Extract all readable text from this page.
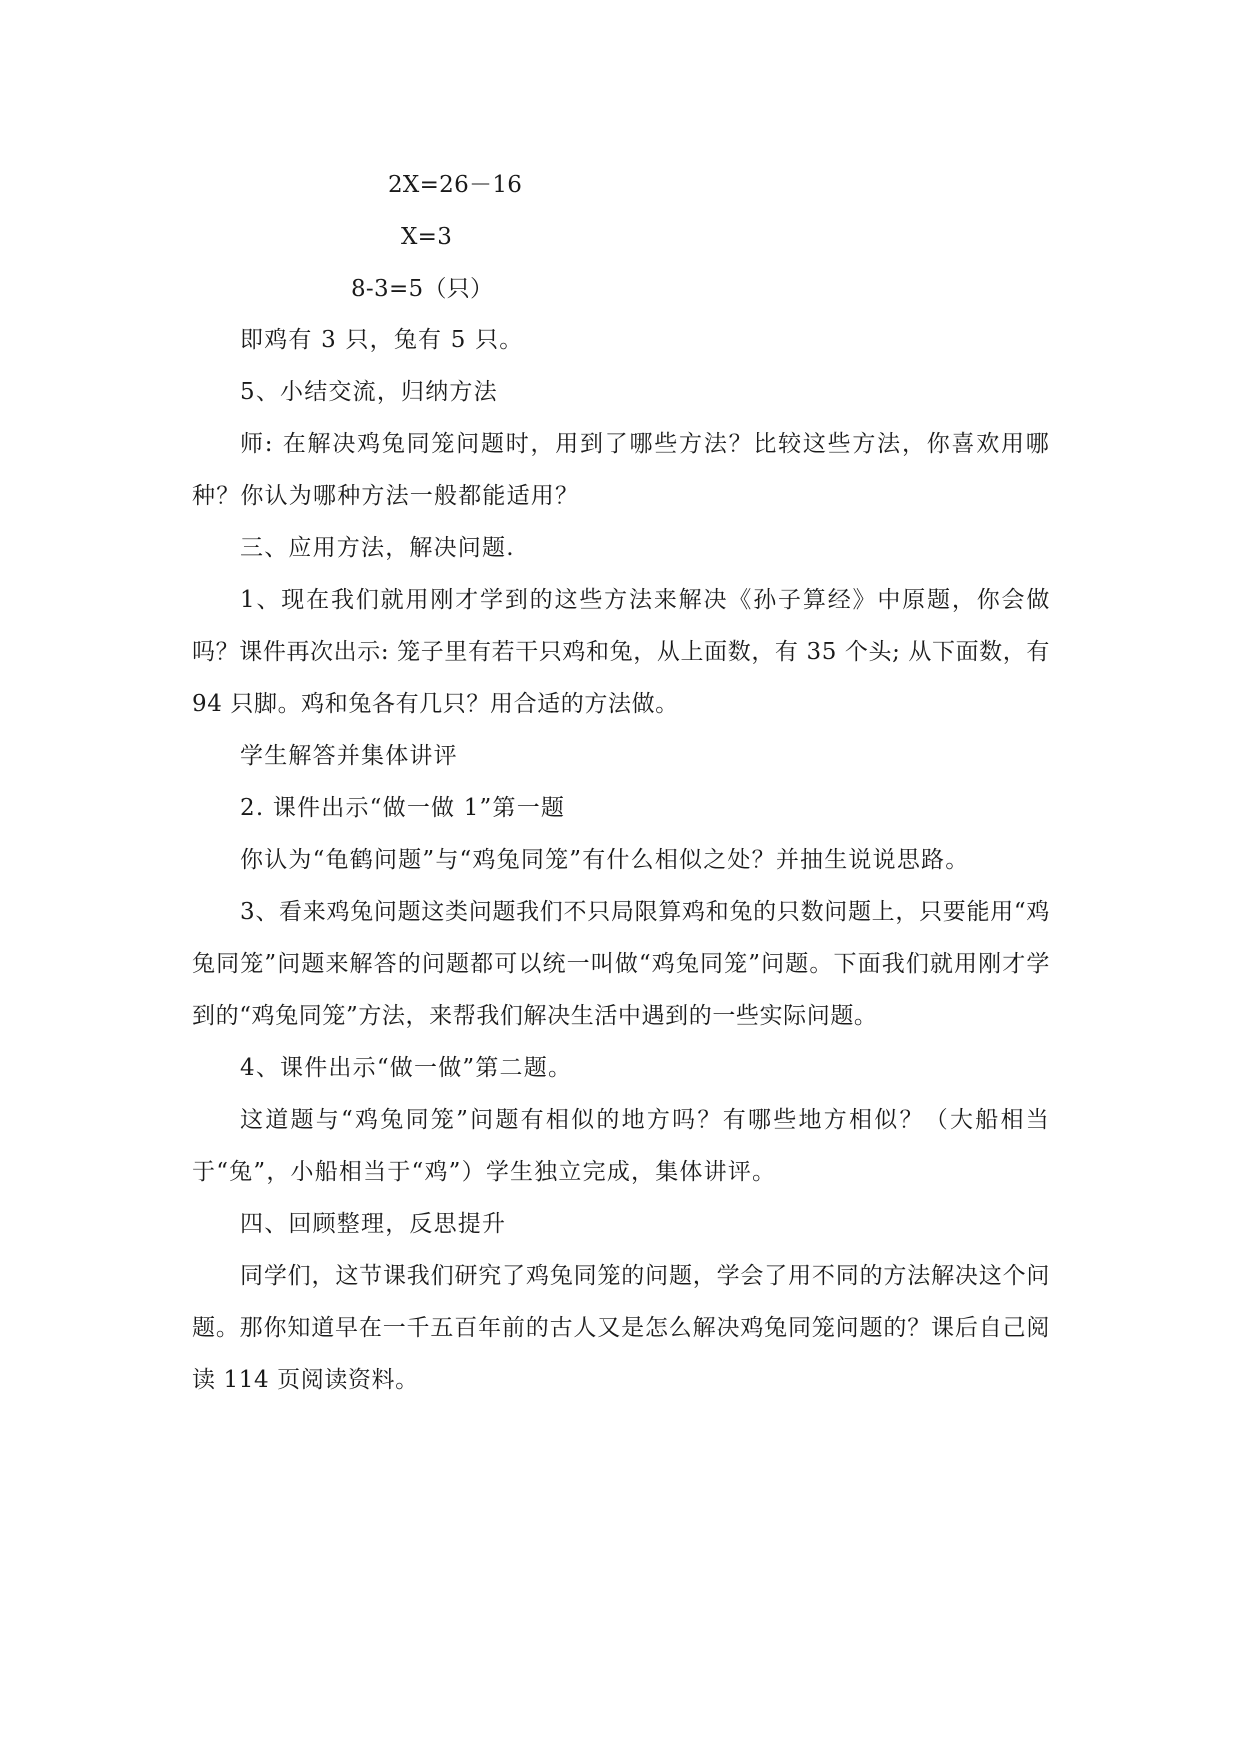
2X=26－16
X=3
8-3=5（只）

即鸡有 3 只，兔有 5 只。

5、小结交流，归纳方法

师: 在解决鸡兔同笼问题时，用到了哪些方法？比较这些方法，你喜欢用哪种？你认为哪种方法一般都能适用？

三、应用方法，解决问题.

1、现在我们就用刚才学到的这些方法来解决《孙子算经》中原题，你会做吗？课件再次出示: 笼子里有若干只鸡和兔，从上面数，有 35 个头; 从下面数，有 94 只脚。鸡和兔各有几只？用合适的方法做。

学生解答并集体讲评

2. 课件出示“做一做 1”第一题

你认为“龟鹤问题”与“鸡兔同笼”有什么相似之处？并抽生说说思路。

3、看来鸡兔问题这类问题我们不只局限算鸡和兔的只数问题上，只要能用“鸡兔同笼”问题来解答的问题都可以统一叫做“鸡兔同笼”问题。下面我们就用刚才学到的“鸡兔同笼”方法，来帮我们解决生活中遇到的一些实际问题。

4、课件出示“做一做”第二题。

这道题与“鸡兔同笼”问题有相似的地方吗？有哪些地方相似？（大船相当于“兔”，小船相当于“鸡”）学生独立完成，集体讲评。

四、回顾整理，反思提升

同学们，这节课我们研究了鸡兔同笼的问题，学会了用不同的方法解决这个问题。那你知道早在一千五百年前的古人又是怎么解决鸡兔同笼问题的？课后自己阅读 114 页阅读资料。
